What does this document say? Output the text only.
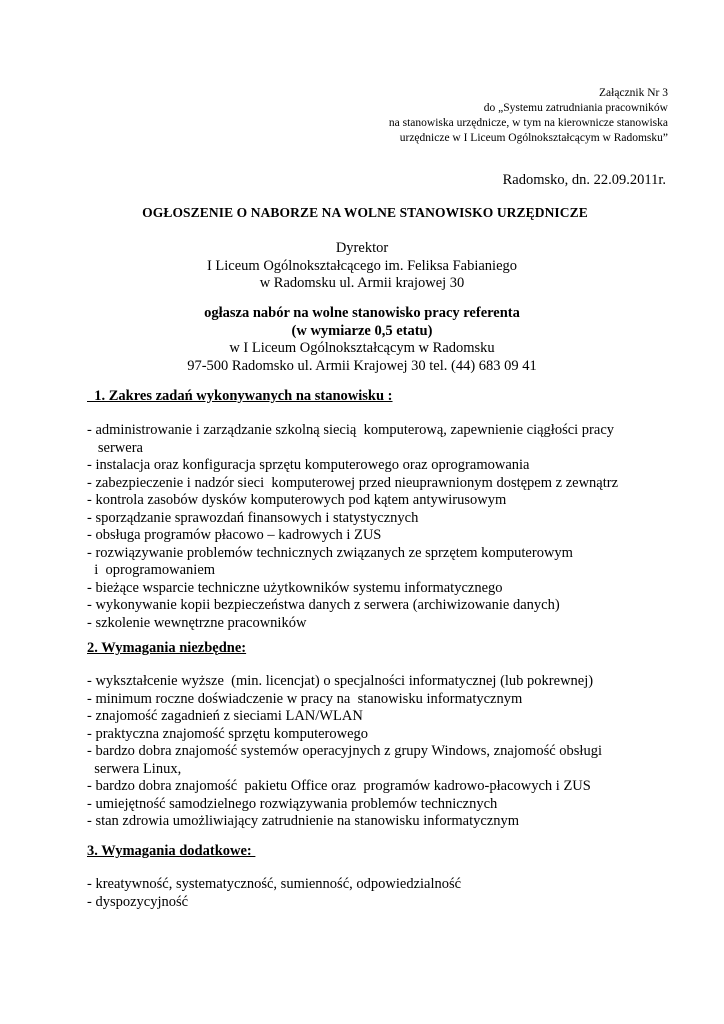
Załącznik Nr 3
do „Systemu zatrudniania pracowników
na stanowiska urzędnicze, w tym na kierownicze stanowiska
urzędnicze w I Liceum Ogólnokształcącym w Radomsku”
Radomsko, dn. 22.09.2011r.
OGŁOSZENIE O NABORZE NA WOLNE STANOWISKO URZĘDNICZE
Dyrektor
I Liceum Ogólnokształcącego im. Feliksa Fabianiego
w Radomsku ul. Armii krajowej 30
ogłasza nabór na wolne stanowisko pracy referenta
(w wymiarze 0,5 etatu)
w I Liceum Ogólnokształcącym w Radomsku
97-500 Radomsko ul. Armii Krajowej 30 tel. (44) 683 09 41
1. Zakres zadań wykonywanych na stanowisku :
- administrowanie i zarządzanie szkolną siecią  komputerową, zapewnienie ciągłości pracy
serwera
- instalacja oraz konfiguracja sprzętu komputerowego oraz oprogramowania
- zabezpieczenie i nadzór sieci  komputerowej przed nieuprawnionym dostępem z zewnątrz
- kontrola zasobów dysków komputerowych pod kątem antywirusowym
- sporządzanie sprawozdań finansowych i statystycznych
- obsługa programów płacowo – kadrowych i ZUS
- rozwiązywanie problemów technicznych związanych ze sprzętem komputerowym
i  oprogramowaniem
- bieżące wsparcie techniczne użytkowników systemu informatycznego
- wykonywanie kopii bezpieczeństwa danych z serwera (archiwizowanie danych)
- szkolenie wewnętrzne pracowników
2. Wymagania niezbędne:
- wykształcenie wyższe  (min. licencjat) o specjalności informatycznej (lub pokrewnej)
- minimum roczne doświadczenie w pracy na  stanowisku informatycznym
- znajomość zagadnień z sieciami LAN/WLAN
- praktyczna znajomość sprzętu komputerowego
- bardzo dobra znajomość systemów operacyjnych z grupy Windows, znajomość obsługi
serwera Linux,
- bardzo dobra znajomość  pakietu Office oraz  programów kadrowo-płacowych i ZUS
- umiejętność samodzielnego rozwiązywania problemów technicznych
- stan zdrowia umożliwiający zatrudnienie na stanowisku informatycznym
3. Wymagania dodatkowe:
- kreatywność, systematyczność, sumienność, odpowiedzialność
- dyspozycyjność
